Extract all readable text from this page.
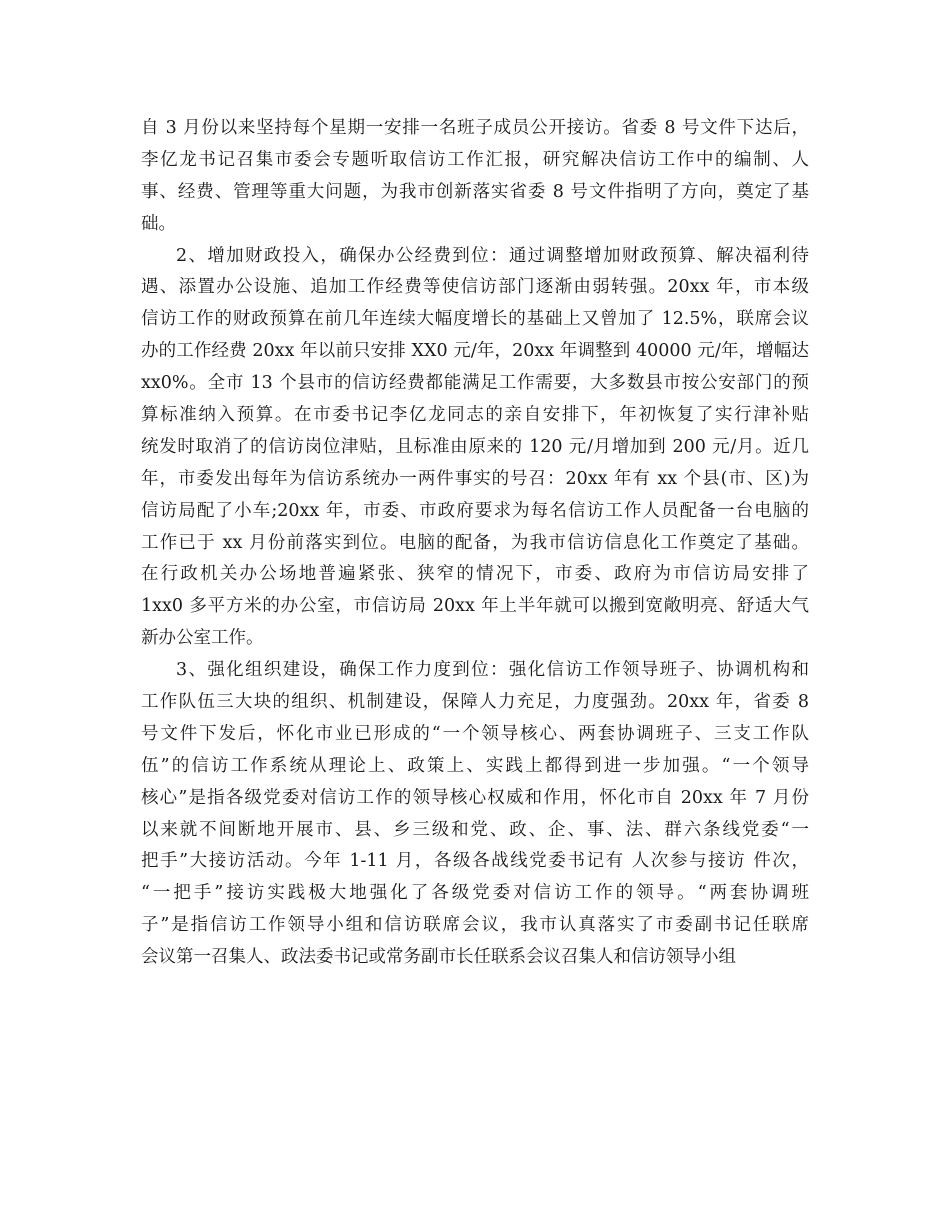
自 3 月份以来坚持每个星期一安排一名班子成员公开接访。省委 8 号文件下达后，
李亿龙书记召集市委会专题听取信访工作汇报，研究解决信访工作中的编制、人
事、经费、管理等重大问题，为我市创新落实省委 8 号文件指明了方向，奠定了基
础。
2、增加财政投入，确保办公经费到位：通过调整增加财政预算、解决福利待
遇、添置办公设施、追加工作经费等使信访部门逐渐由弱转强。20xx 年，市本级
信访工作的财政预算在前几年连续大幅度增长的基础上又曾加了 12.5%，联席会议
办的工作经费 20xx 年以前只安排 XX0 元/年，20xx 年调整到 40000 元/年，增幅达
xx0%。全市 13 个县市的信访经费都能满足工作需要，大多数县市按公安部门的预
算标准纳入预算。在市委书记李亿龙同志的亲自安排下，年初恢复了实行津补贴
统发时取消了的信访岗位津贴，且标准由原来的 120 元/月增加到 200 元/月。近几
年，市委发出每年为信访系统办一两件事实的号召：20xx 年有 xx 个县(市、区)为
信访局配了小车;20xx 年，市委、市政府要求为每名信访工作人员配备一台电脑的
工作已于 xx 月份前落实到位。电脑的配备，为我市信访信息化工作奠定了基础。
在行政机关办公场地普遍紧张、狭窄的情况下，市委、政府为市信访局安排了
1xx0 多平方米的办公室，市信访局 20xx 年上半年就可以搬到宽敞明亮、舒适大气
新办公室工作。
3、强化组织建设，确保工作力度到位：强化信访工作领导班子、协调机构和
工作队伍三大块的组织、机制建设，保障人力充足，力度强劲。20xx 年，省委 8
号文件下发后，怀化市业已形成的“一个领导核心、两套协调班子、三支工作队
伍”的信访工作系统从理论上、政策上、实践上都得到进一步加强。“一个领导
核心”是指各级党委对信访工作的领导核心权威和作用，怀化市自 20xx 年 7 月份
以来就不间断地开展市、县、乡三级和党、政、企、事、法、群六条线党委“一
把手”大接访活动。今年 1-11 月，各级各战线党委书记有 人次参与接访 件次，
“一把手”接访实践极大地强化了各级党委对信访工作的领导。“两套协调班
子”是指信访工作领导小组和信访联席会议，我市认真落实了市委副书记任联席
会议第一召集人、政法委书记或常务副市长任联系会议召集人和信访领导小组
